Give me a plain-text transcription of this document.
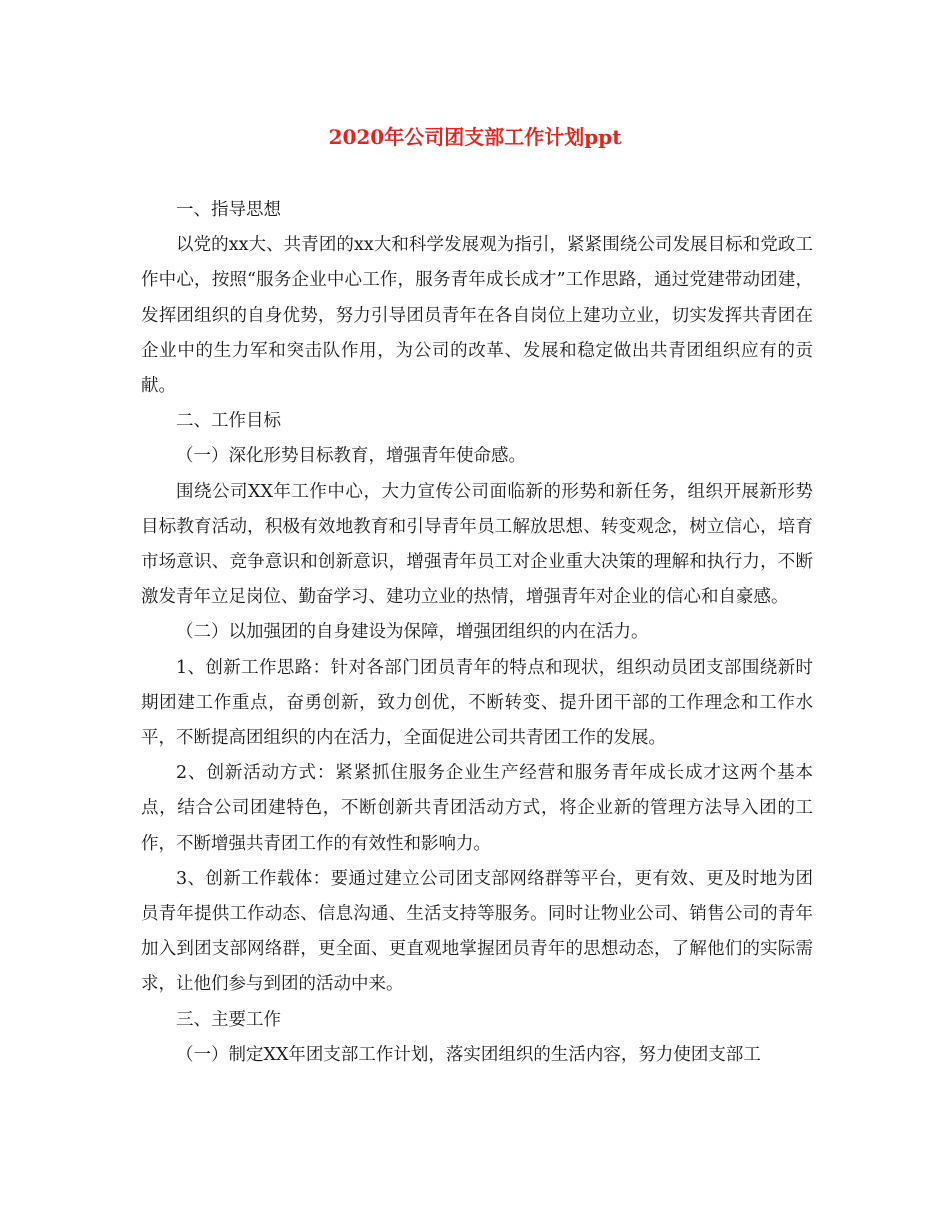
2020年公司团支部工作计划ppt

一、指导思想

以党的xx大、共青团的xx大和科学发展观为指引，紧紧围绕公司发展目标和党政工作中心，按照“服务企业中心工作，服务青年成长成才”工作思路，通过党建带动团建，发挥团组织的自身优势，努力引导团员青年在各自岗位上建功立业，切实发挥共青团在企业中的生力军和突击队作用，为公司的改革、发展和稳定做出共青团组织应有的贡献。

二、工作目标

（一）深化形势目标教育，增强青年使命感。

围绕公司XX年工作中心，大力宣传公司面临新的形势和新任务，组织开展新形势目标教育活动，积极有效地教育和引导青年员工解放思想、转变观念，树立信心，培育市场意识、竞争意识和创新意识，增强青年员工对企业重大决策的理解和执行力，不断激发青年立足岗位、勤奋学习、建功立业的热情，增强青年对企业的信心和自豪感。

（二）以加强团的自身建设为保障，增强团组织的内在活力。

1、创新工作思路：针对各部门团员青年的特点和现状，组织动员团支部围绕新时期团建工作重点，奋勇创新，致力创优，不断转变、提升团干部的工作理念和工作水平，不断提高团组织的内在活力，全面促进公司共青团工作的发展。

2、创新活动方式：紧紧抓住服务企业生产经营和服务青年成长成才这两个基本点，结合公司团建特色，不断创新共青团活动方式，将企业新的管理方法导入团的工作，不断增强共青团工作的有效性和影响力。

3、创新工作载体：要通过建立公司团支部网络群等平台，更有效、更及时地为团员青年提供工作动态、信息沟通、生活支持等服务。同时让物业公司、销售公司的青年加入到团支部网络群，更全面、更直观地掌握团员青年的思想动态，了解他们的实际需求，让他们参与到团的活动中来。

三、主要工作

（一）制定XX年团支部工作计划，落实团组织的生活内容，努力使团支部工
